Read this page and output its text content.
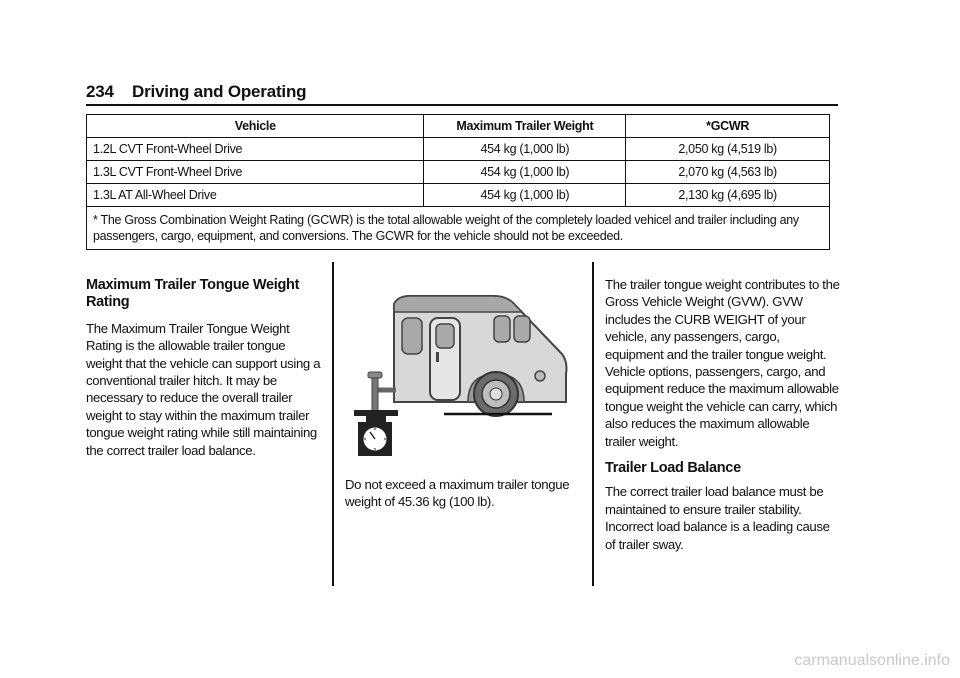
234 Driving and Operating
Vehicle	Maximum Trailer Weight	*GCWR
1.2L CVT Front-Wheel Drive	454 kg (1,000 lb)	2,050 kg (4,519 lb)
1.3L CVT Front-Wheel Drive	454 kg (1,000 lb)	2,070 kg (4,563 lb)
1.3L AT All-Wheel Drive	454 kg (1,000 lb)	2,130 kg (4,695 lb)
* The Gross Combination Weight Rating (GCWR) is the total allowable weight of the completely loaded vehicel and trailer including any passengers, cargo, equipment, and conversions. The GCWR for the vehicle should not be exceeded.		
Maximum Trailer Tongue Weight Rating

The Maximum Trailer Tongue Weight Rating is the allowable trailer tongue weight that the vehicle can support using a conventional trailer hitch. It may be necessary to reduce the overall trailer weight to stay within the maximum trailer tongue weight rating while still maintaining the correct trailer load balance.

Do not exceed a maximum trailer tongue weight of 45.36 kg (100 lb).

The trailer tongue weight contributes to the Gross Vehicle Weight (GVW). GVW includes the CURB WEIGHT of your vehicle, any passengers, cargo, equipment and the trailer tongue weight. Vehicle options, passengers, cargo, and equipment reduce the maximum allowable tongue weight the vehicle can carry, which also reduces the maximum allowable trailer weight.

Trailer Load Balance

The correct trailer load balance must be maintained to ensure trailer stability. Incorrect load balance is a leading cause of trailer sway.

carmanualsonline.info
